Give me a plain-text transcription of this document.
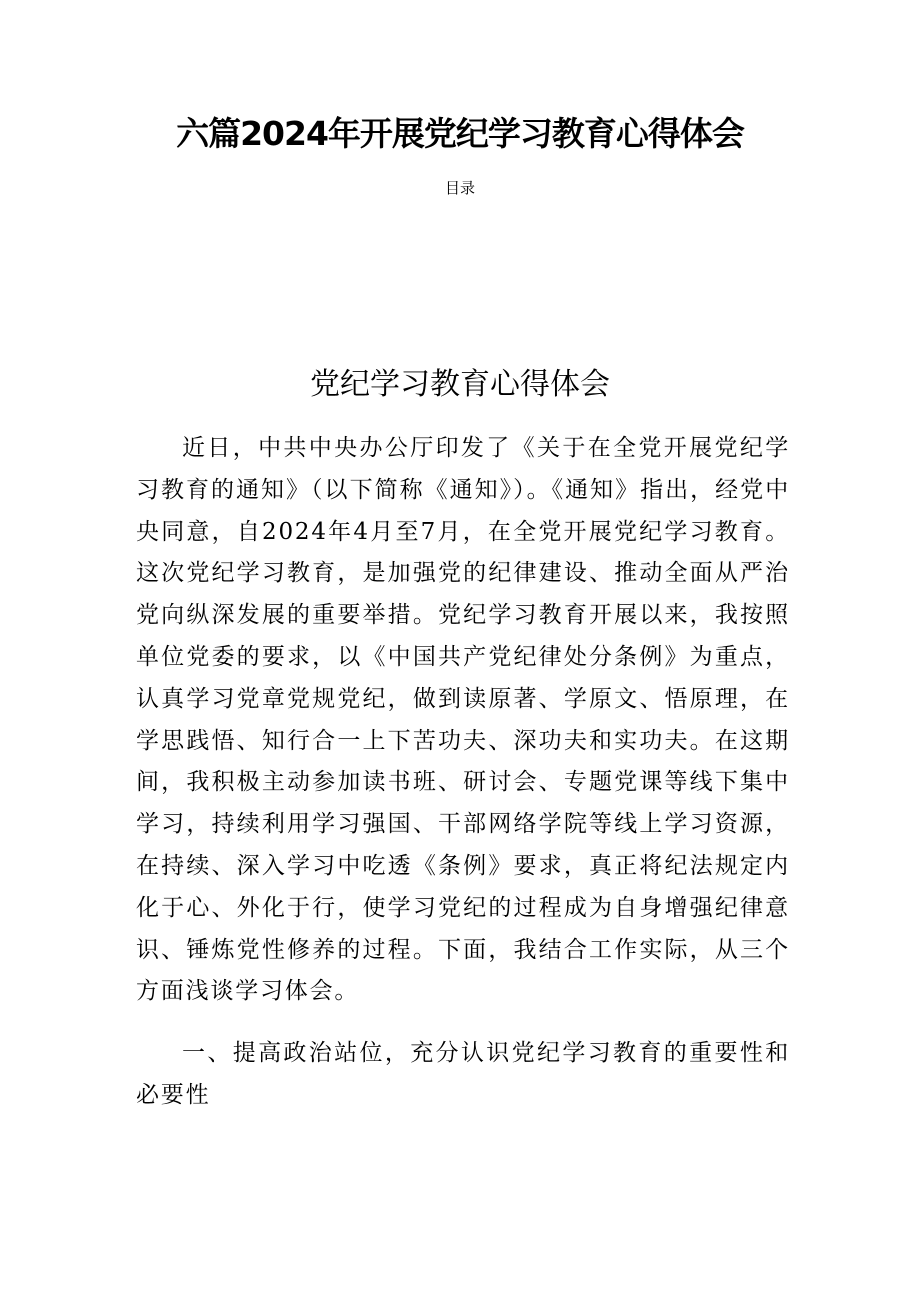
六篇2024年开展党纪学习教育心得体会
目录
党纪学习教育心得体会

近日，中共中央办公厅印发了《关于在全党开展党纪学习教育的通知》（以下简称《通知》）。《通知》指出，经党中央同意，自2024年4月至7月，在全党开展党纪学习教育。这次党纪学习教育，是加强党的纪律建设、推动全面从严治党向纵深发展的重要举措。党纪学习教育开展以来，我按照单位党委的要求，以《中国共产党纪律处分条例》为重点，认真学习党章党规党纪，做到读原著、学原文、悟原理，在学思践悟、知行合一上下苦功夫、深功夫和实功夫。在这期间，我积极主动参加读书班、研讨会、专题党课等线下集中学习，持续利用学习强国、干部网络学院等线上学习资源，在持续、深入学习中吃透《条例》要求，真正将纪法规定内化于心、外化于行，使学习党纪的过程成为自身增强纪律意识、锤炼党性修养的过程。下面，我结合工作实际，从三个方面浅谈学习体会。

一、提高政治站位，充分认识党纪学习教育的重要性和必要性
